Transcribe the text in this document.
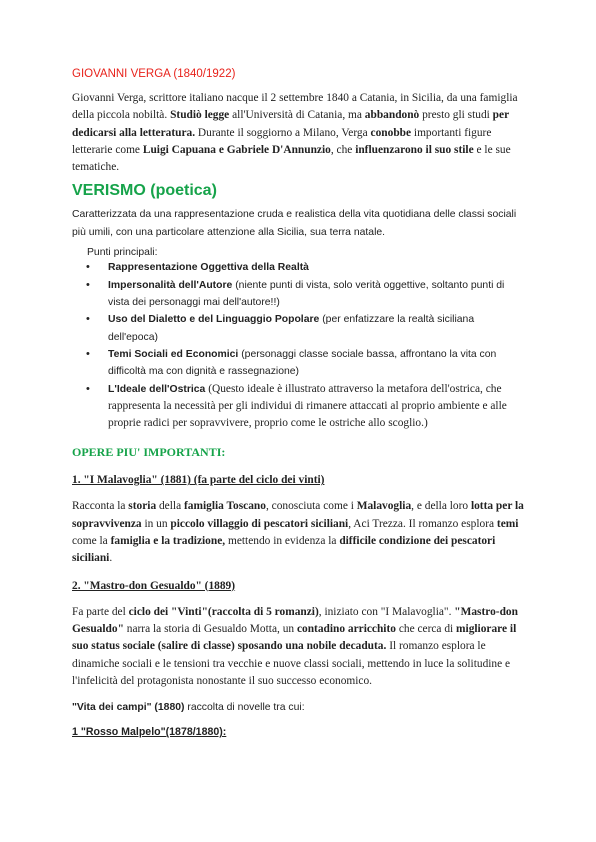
GIOVANNI VERGA (1840/1922)

Giovanni Verga, scrittore italiano nacque il 2 settembre 1840 a Catania, in Sicilia, da una famiglia della piccola nobiltà. Studiò legge all'Università di Catania, ma abbandonò presto gli studi per dedicarsi alla letteratura. Durante il soggiorno a Milano, Verga conobbe importanti figure letterarie come Luigi Capuana e Gabriele D'Annunzio, che influenzarono il suo stile e le sue tematiche.

VERISMO (poetica)

Caratterizzata da una rappresentazione cruda e realistica della vita quotidiana delle classi sociali più umili, con una particolare attenzione alla Sicilia, sua terra natale.

Punti principali:

• Rappresentazione Oggettiva della Realtà
• Impersonalità dell'Autore (niente punti di vista, solo verità oggettive, soltanto punti di vista dei personaggi mai dell'autore!!)
• Uso del Dialetto e del Linguaggio Popolare (per enfatizzare la realtà siciliana dell'epoca)
• Temi Sociali ed Economici (personaggi classe sociale bassa, affrontano la vita con difficoltà ma con dignità e rassegnazione)
• L'Ideale dell'Ostrica (Questo ideale è illustrato attraverso la metafora dell'ostrica, che rappresenta la necessità per gli individui di rimanere attaccati al proprio ambiente e alle proprie radici per sopravvivere, proprio come le ostriche allo scoglio.)

OPERE PIU' IMPORTANTI:

1. "I Malavoglia" (1881) (fa parte del ciclo dei vinti)

Racconta la storia della famiglia Toscano, conosciuta come i Malavoglia, e della loro lotta per la sopravvivenza in un piccolo villaggio di pescatori siciliani, Aci Trezza. Il romanzo esplora temi come la famiglia e la tradizione, mettendo in evidenza la difficile condizione dei pescatori siciliani.

2. "Mastro-don Gesualdo" (1889)

Fa parte del ciclo dei "Vinti"(raccolta di 5 romanzi), iniziato con "I Malavoglia". "Mastro-don Gesualdo" narra la storia di Gesualdo Motta, un contadino arricchito che cerca di migliorare il suo status sociale (salire di classe) sposando una nobile decaduta. Il romanzo esplora le dinamiche sociali e le tensioni tra vecchie e nuove classi sociali, mettendo in luce la solitudine e l'infelicità del protagonista nonostante il suo successo economico.

"Vita dei campi" (1880) raccolta di novelle tra cui:

1 "Rosso Malpelo"(1878/1880):
